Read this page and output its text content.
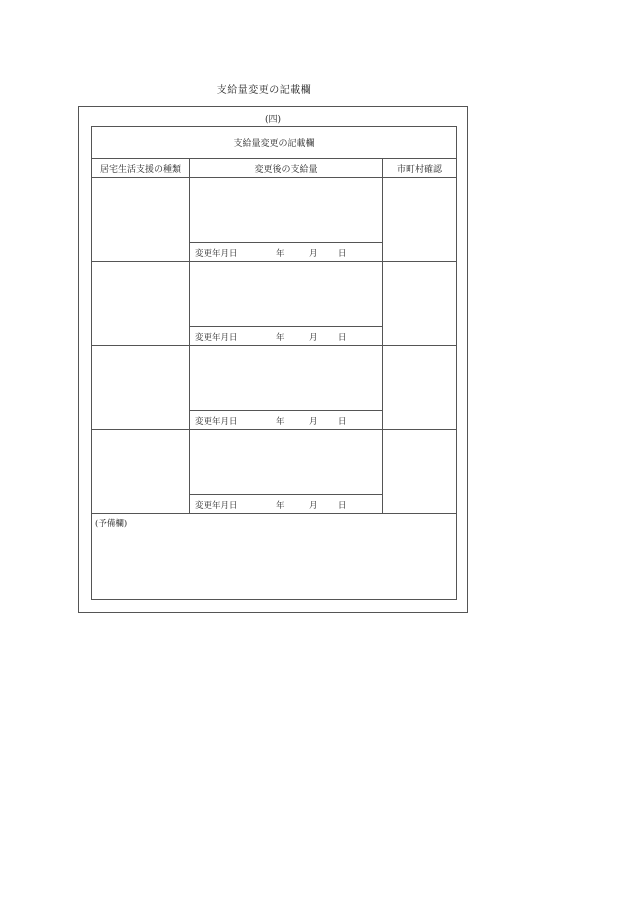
支給量変更の記載欄
(四)
支給量変更の記載欄
居宅生活支援の種類	変更後の支給量	市町村確認
変更年月日	年	月 日
変更年月日	年	月 日
変更年月日	年	月 日
変更年月日	年	月 日
(予備欄)
